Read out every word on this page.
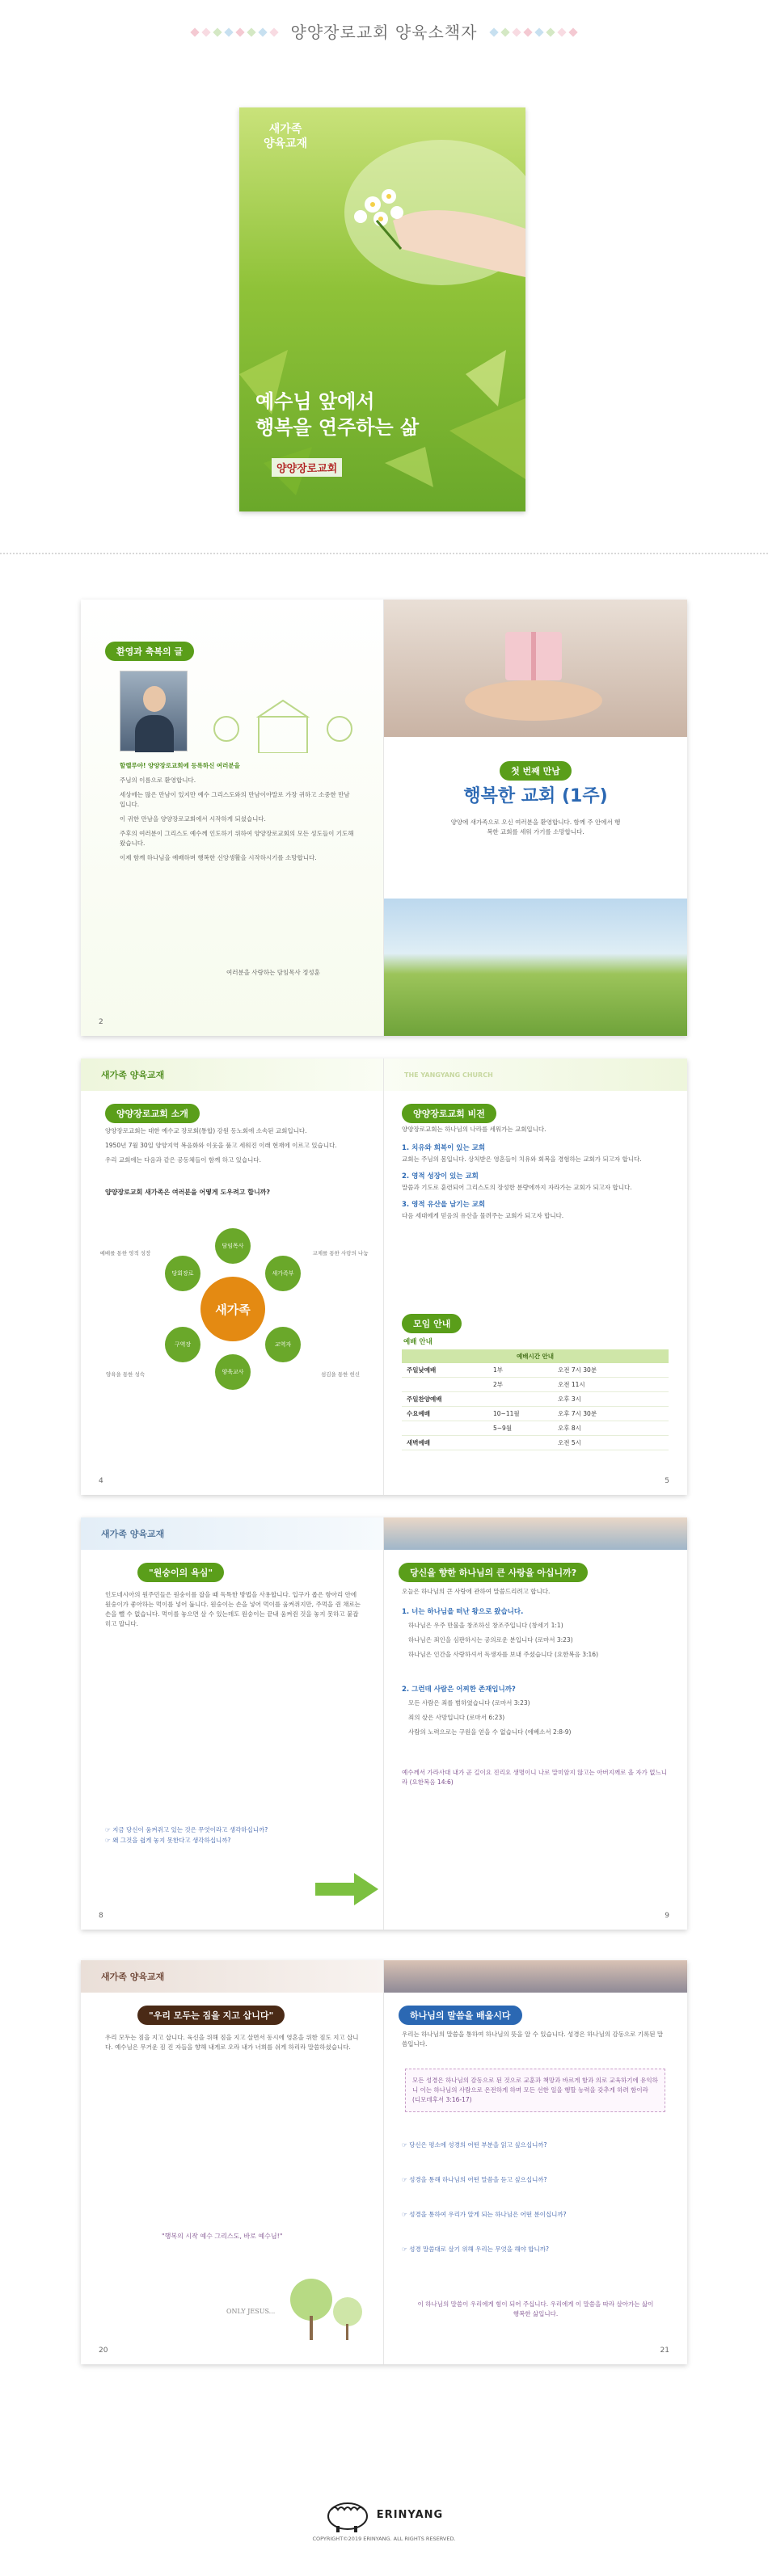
양양장로교회 양육소책자
새가족
양육교재
예수님 앞에서
행복을 연주하는 삶
양양장로교회
환영과 축복의 글

할렐루야! 양양장로교회에 등록하신 여러분을

주님의 이름으로 환영합니다.

세상에는 많은 만남이 있지만 예수 그리스도와의 만남이야말로 가장 귀하고 소중한 만남입니다.

이 귀한 만남을 양양장로교회에서 시작하게 되셨습니다.

주후의 여러분이 그리스도 예수께 인도하기 위하여 양양장로교회의 모든 성도들이 기도해 왔습니다.

이제 함께 하나님을 예배하며 행복한 신앙생활을 시작하시기를 소망합니다.

여러분을 사랑하는 담임목사 정성훈
2
첫 번째 만남
행복한 교회 (1주)
양양에 새가족으로 오신 여러분을 환영합니다. 함께 주 안에서 행복한 교회를 세워 가기를 소망합니다.
새가족 양육교재
양양장로교회 소개

양양장로교회는 대한 예수교 장로회(통합) 강원 동노회에 소속된 교회입니다.

1950년 7월 30일 양양지역 복음화와 이웃을 품고 세워진 이래 현재에 이르고 있습니다.

우리 교회에는 다음과 같은 공동체들이 함께 하고 있습니다.

양양장로교회 새가족은 여러분을 어떻게 도우려고 합니까?
새가족
담임목사
새가족부
교역자
양육교사
구역장
당회장로
예배를 통한 영적 성장	교제를 통한 사랑의 나눔
양육을 통한 성숙	섬김을 통한 헌신
4
THE YANGYANG CHURCH
양양장로교회 비전
양양장로교회는 하나님의 나라를 세워가는 교회입니다.
1. 치유와 회복이 있는 교회
교회는 주님의 몸입니다. 상처받은 영혼들이 치유와 회복을 경험하는 교회가 되고자 합니다.
2. 영적 성장이 있는 교회
말씀과 기도로 훈련되어 그리스도의 장성한 분량에까지 자라가는 교회가 되고자 합니다.
3. 영적 유산을 남기는 교회
다음 세대에게 믿음의 유산을 물려주는 교회가 되고자 합니다.
모임 안내
예배 안내
예배시간 안내
주일낮예배	1부	오전 7시 30분
2부	오전 11시
주일찬양예배	오후 3시
수요예배	10~11월	오후 7시 30분
5~9월	오후 8시
새벽예배	오전 5시
5
새가족 양육교재
"원숭이의 욕심"
인도네시아의 원주민들은 원숭이를 잡을 때 독특한 방법을 사용합니다. 입구가 좁은 항아리 안에 원숭이가 좋아하는 먹이를 넣어 둡니다. 원숭이는 손을 넣어 먹이를 움켜쥐지만, 주먹을 쥔 채로는 손을 뺄 수 없습니다. 먹이를 놓으면 살 수 있는데도 원숭이는 끝내 움켜쥔 것을 놓지 못하고 붙잡히고 맙니다.
☞ 지금 당신이 움켜쥐고 있는 것은 무엇이라고 생각하십니까?
☞ 왜 그것을 쉽게 놓지 못한다고 생각하십니까?
8
당신을 향한 하나님의 큰 사랑을 아십니까?
오늘은 하나님의 큰 사랑에 관하여 말씀드리려고 합니다.
1. 너는 하나님을 떠난 왕으로 왔습니다.

하나님은 우주 만물을 창조하신 창조주입니다 (창세기 1:1)

하나님은 죄인을 심판하시는 공의로운 분입니다 (로마서 3:23)

하나님은 인간을 사랑하셔서 독생자를 보내 주셨습니다 (요한복음 3:16)

2. 그런데 사람은 어찌한 존재입니까?

모든 사람은 죄를 범하였습니다 (로마서 3:23)

죄의 삯은 사망입니다 (로마서 6:23)

사람의 노력으로는 구원을 얻을 수 없습니다 (에베소서 2:8-9)

예수께서 가라사대 내가 곧 길이요 진리요 생명이니 나로 말미암지 않고는 아버지께로 올 자가 없느니라 (요한복음 14:6)
9
새가족 양육교재
"우리 모두는 짐을 지고 삽니다"
우리 모두는 짐을 지고 삽니다. 육신을 위해 짐을 지고 살면서 동시에 영혼을 위한 짐도 지고 삽니다. 예수님은 무거운 짐 진 자들을 향해 내게로 오라 내가 너희를 쉬게 하리라 말씀하셨습니다.
"행복의 시작 예수 그리스도, 바로 예수님!"
ONLY JESUS...
20
하나님의 말씀을 배웁시다
우리는 하나님의 말씀을 통하여 하나님의 뜻을 알 수 있습니다. 성경은 하나님의 감동으로 기록된 말씀입니다.
모든 성경은 하나님의 감동으로 된 것으로 교훈과 책망과 바르게 함과 의로 교육하기에 유익하니 이는 하나님의 사람으로 온전하게 하며 모든 선한 일을 행할 능력을 갖추게 하려 함이라 (디모데후서 3:16-17)
☞ 당신은 평소에 성경의 어떤 부분을 읽고 싶으십니까?
☞ 성경을 통해 하나님의 어떤 말씀을 듣고 싶으십니까?
☞ 성경을 통하여 우리가 알게 되는 하나님은 어떤 분이십니까?
☞ 성경 말씀대로 살기 위해 우리는 무엇을 해야 합니까?
이 하나님의 말씀이 우리에게 힘이 되어 주십니다. 우리에게 이 말씀을 따라 살아가는 삶이 행복한 삶입니다.
21
ERINYANG
COPYRIGHT©2019 ERINYANG. ALL RIGHTS RESERVED.
